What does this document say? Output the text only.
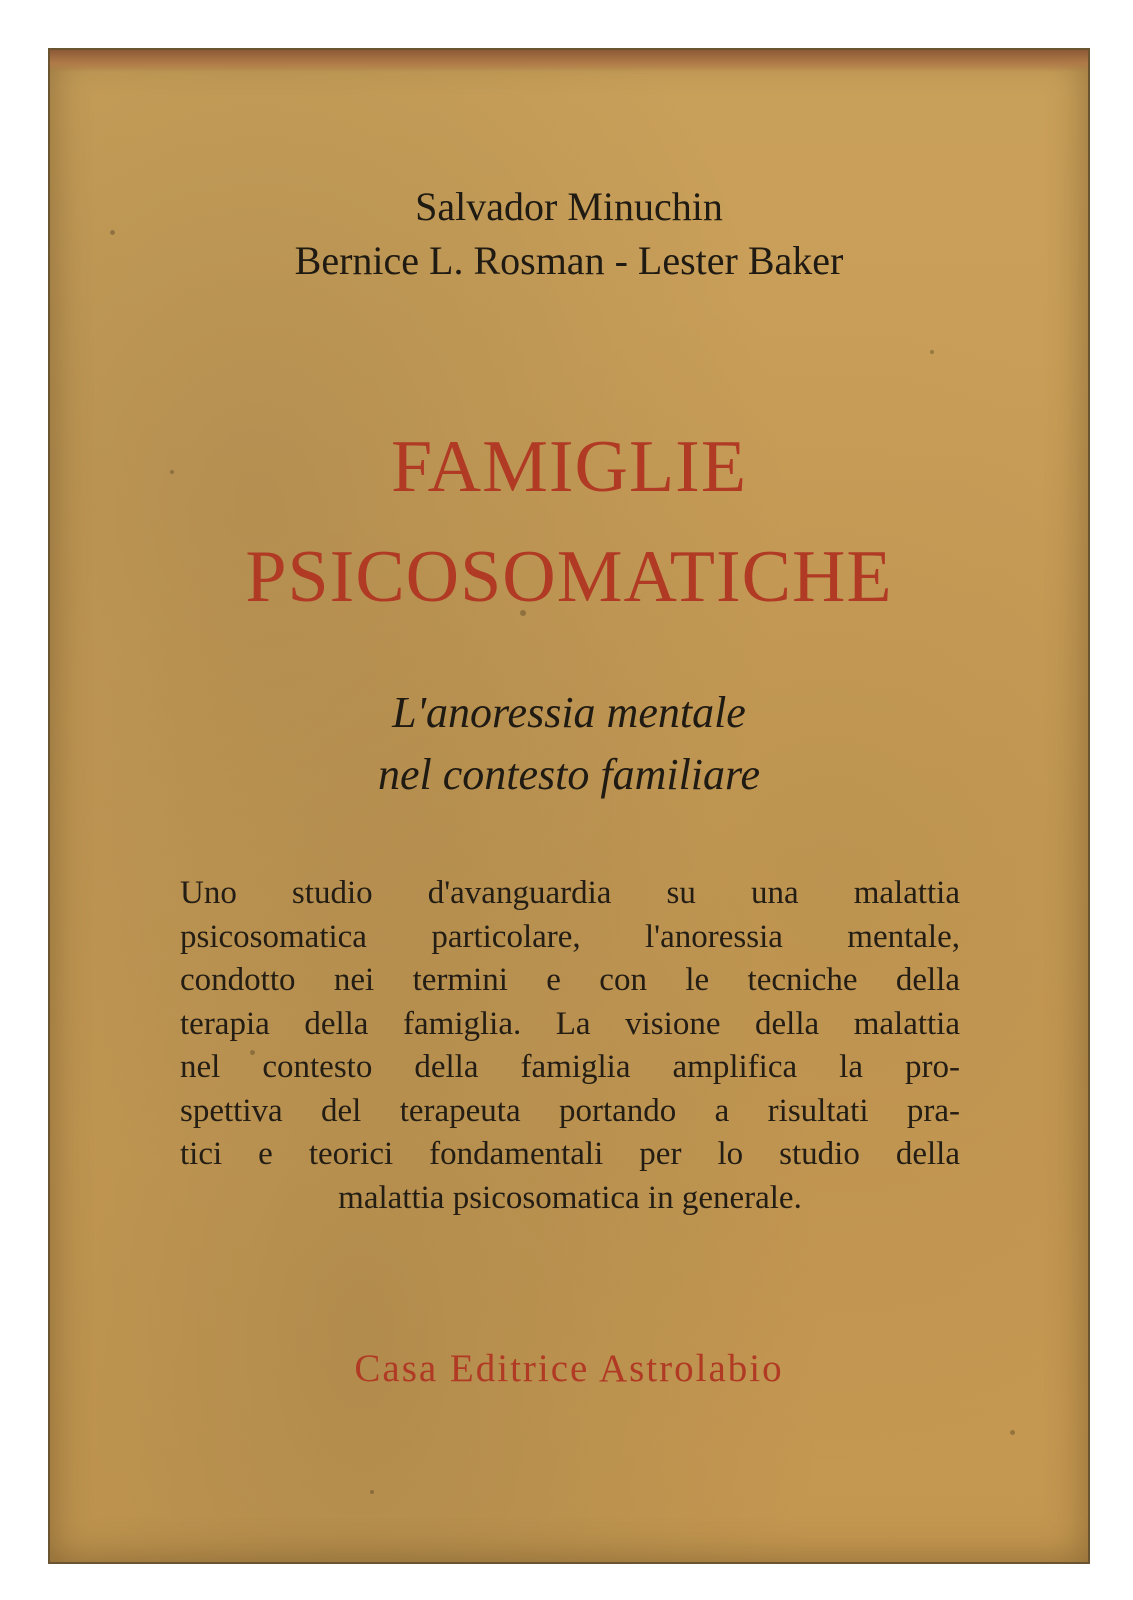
Salvador Minuchin
Bernice L. Rosman - Lester Baker
FAMIGLIE
PSICOSOMATICHE
L'anoressia mentale
nel contesto familiare
Uno studio d'avanguardia su una malattia
psicosomatica particolare, l'anoressia mentale,
condotto nei termini e con le tecniche della
terapia della famiglia. La visione della malattia
nel contesto della famiglia amplifica la pro-
spettiva del terapeuta portando a risultati pra-
tici e teorici fondamentali per lo studio della
malattia psicosomatica in generale.
Casa Editrice Astrolabio
